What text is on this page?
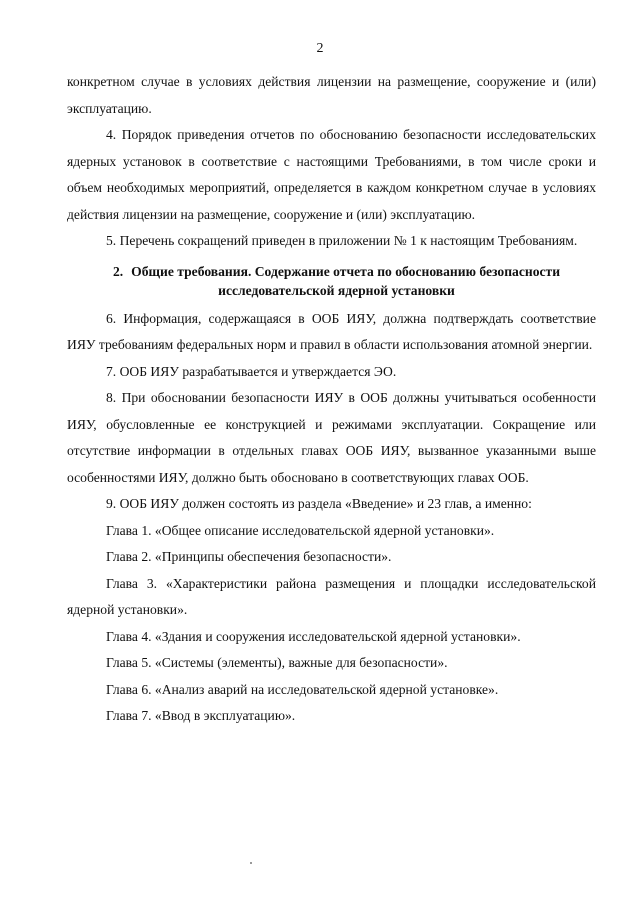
2

конкретном случае в условиях действия лицензии на размещение, сооружение и (или) эксплуатацию.

4. Порядок приведения отчетов по обоснованию безопасности исследовательских ядерных установок в соответствие с настоящими Требованиями, в том числе сроки и объем необходимых мероприятий, определяется в каждом конкретном случае в условиях действия лицензии на размещение, сооружение и (или) эксплуатацию.

5. Перечень сокращений приведен в приложении № 1 к настоящим Требованиям.

2. Общие требования. Содержание отчета по обоснованию безопасности
исследовательской ядерной установки

6. Информация, содержащаяся в ООБ ИЯУ, должна подтверждать соответствие ИЯУ требованиям федеральных норм и правил в области использования атомной энергии.

7. ООБ ИЯУ разрабатывается и утверждается ЭО.

8. При обосновании безопасности ИЯУ в ООБ должны учитываться особенности ИЯУ, обусловленные ее конструкцией и режимами эксплуатации. Сокращение или отсутствие информации в отдельных главах ООБ ИЯУ, вызванное указанными выше особенностями ИЯУ, должно быть обосновано в соответствующих главах ООБ.

9. ООБ ИЯУ должен состоять из раздела «Введение» и 23 глав, а именно:

Глава 1. «Общее описание исследовательской ядерной установки».

Глава 2. «Принципы обеспечения безопасности».

Глава 3. «Характеристики района размещения и площадки исследовательской ядерной установки».

Глава 4. «Здания и сооружения исследовательской ядерной установки».

Глава 5. «Системы (элементы), важные для безопасности».

Глава 6. «Анализ аварий на исследовательской ядерной установке».

Глава 7. «Ввод в эксплуатацию».
